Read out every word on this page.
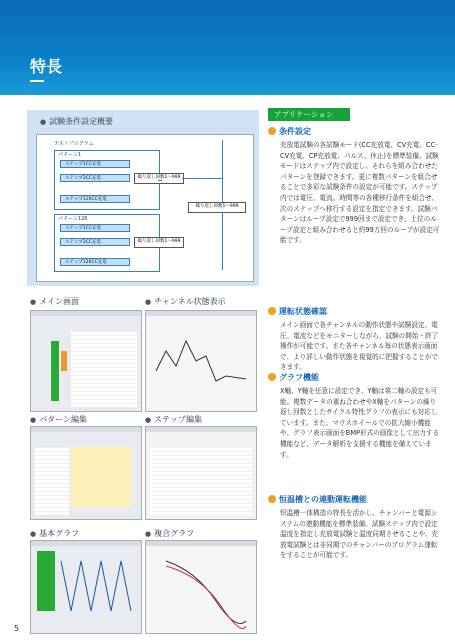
特長
● 試験条件設定概要
テストプログラム
パターン1
ステップ1CC充電
ステップ2CC充電
ステップ126CC充電
繰り返し回数1〜999
パターン126
ステップ1CC充電
ステップ2CC充電
ステップ126CC充電
繰り返し回数1〜999
繰り返し回数1〜999
● メイン画面	● チャンネル状態表示
● パターン編集	● ステップ編集
● 基本グラフ	● 複合グラフ
アプリケーション
条件設定
充放電試験の各試験モード(CC充放電、CV充電、CC-CV充電、CP充放電、パルス、休止)を標準装備。試験モードはステップ内で設定し、それらを組み合わせたパターンを登録できます。更に複数パターンを組合せることで多彩な試験条件の設定が可能です。ステップ内では電圧、電流、時間等の各種移行条件を組合せ、次のステップへ移行する設定を指定できます。試験パターンはループ設定で999回まで設定でき、上位のループ設定と組み合わせると約99万回のループが設定可能です。
運転状態確認
メイン画面で各チャンネルの動作状態や試験設定、電圧、電流などをモニターしながら、試験の開始・終了操作が可能です。また各チャンネル毎の状態表示画面で、より詳しい動作状態を視覚的に把握することができます。
グラフ機能
X軸、Y軸を任意に設定でき、Y軸は第二軸の設定も可能。複数データの重ね合わせやX軸をパターンの繰り返し回数としたサイクル特性グラフの表示にも対応しています。また、マウスホイールでの拡大縮小機能や、グラフ表示画面をBMP形式の画像として出力する機能など、データ解析を支援する機能を備えています。
恒温槽との連動運転機能
恒温槽一体構造の特長を活かし、チャンバーと電源システムの連動機能を標準装備。試験ステップ内で設定温度を指定し充放電試験と温度同期させることや、充放電試験とは非同期でのチャンバーのプログラム運転をすることが可能です。
5
